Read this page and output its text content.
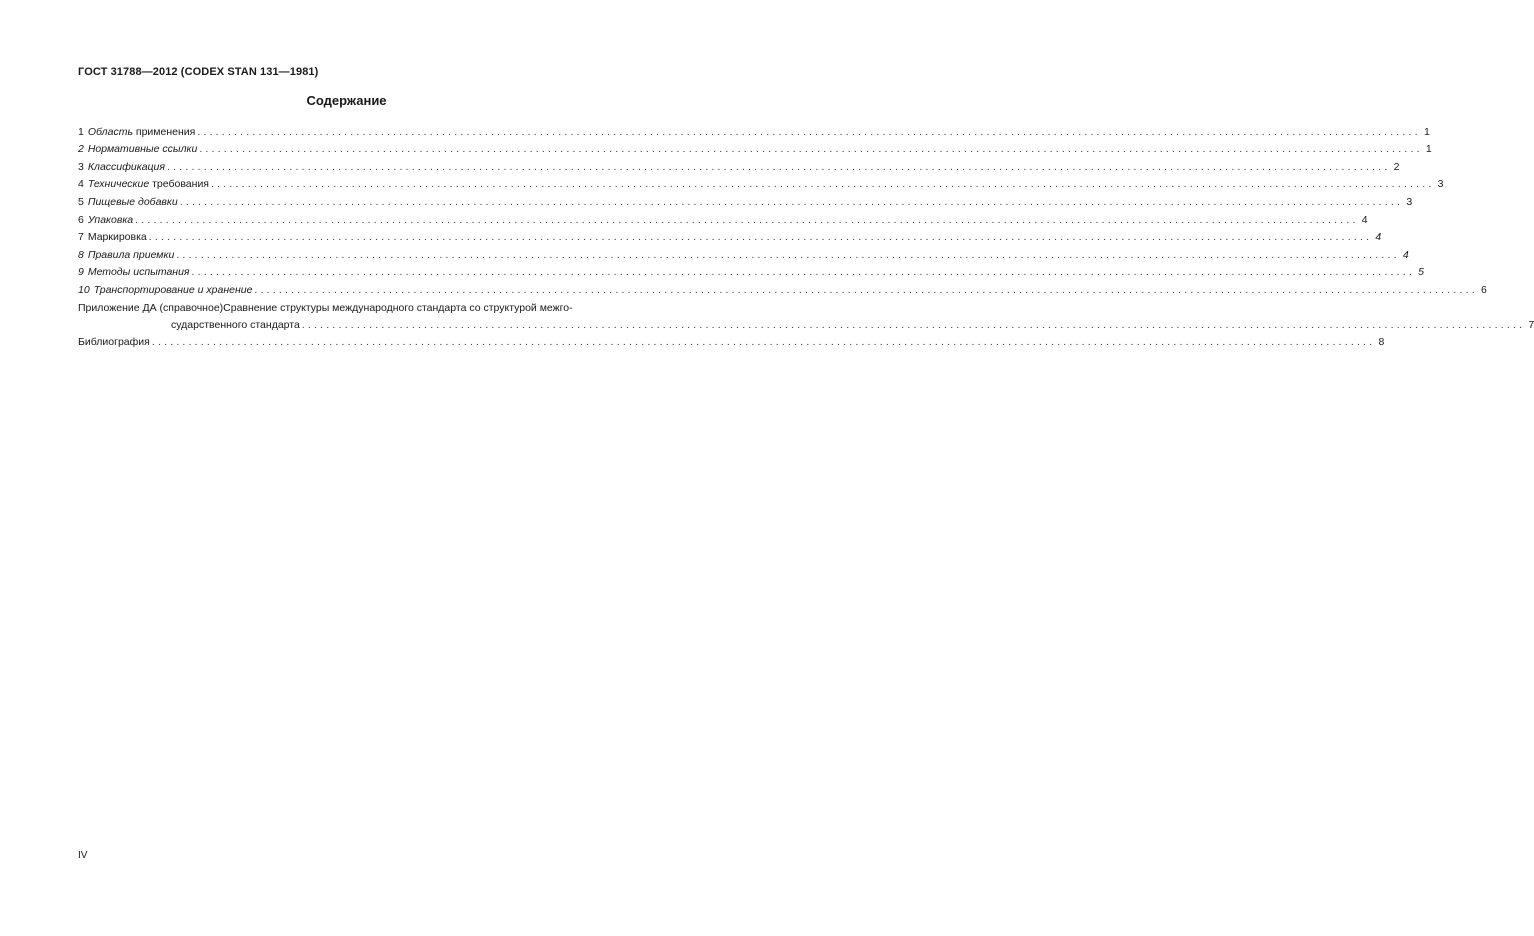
ГОСТ 31788—2012 (CODEX STAN 131—1981)
Содержание
1 Область применения ........................................................................................................................................................................................................ 1
2 Нормативные ссылки ........................................................................................................................................................................................................ 1
3 Классификация ........................................................................................................................................................................................................ 2
4 Технические требования ........................................................................................................................................................................................................ 3
5 Пищевые добавки ........................................................................................................................................................................................................ 3
6 Упаковка ........................................................................................................................................................................................................ 4
7 Маркировка ........................................................................................................................................................................................................ 4
8 Правила приемки ........................................................................................................................................................................................................ 4
9 Методы испытания ........................................................................................................................................................................................................ 5
10 Транспортирование и хранение ........................................................................................................................................................................................................ 6
Приложение ДА (справочное ) Сравнение структуры международного стандарта со структурой межго-
сударственного стандарта ........................................................................................................................................................................................................ 7
Библиография ........................................................................................................................................................................................................ 8
IV
